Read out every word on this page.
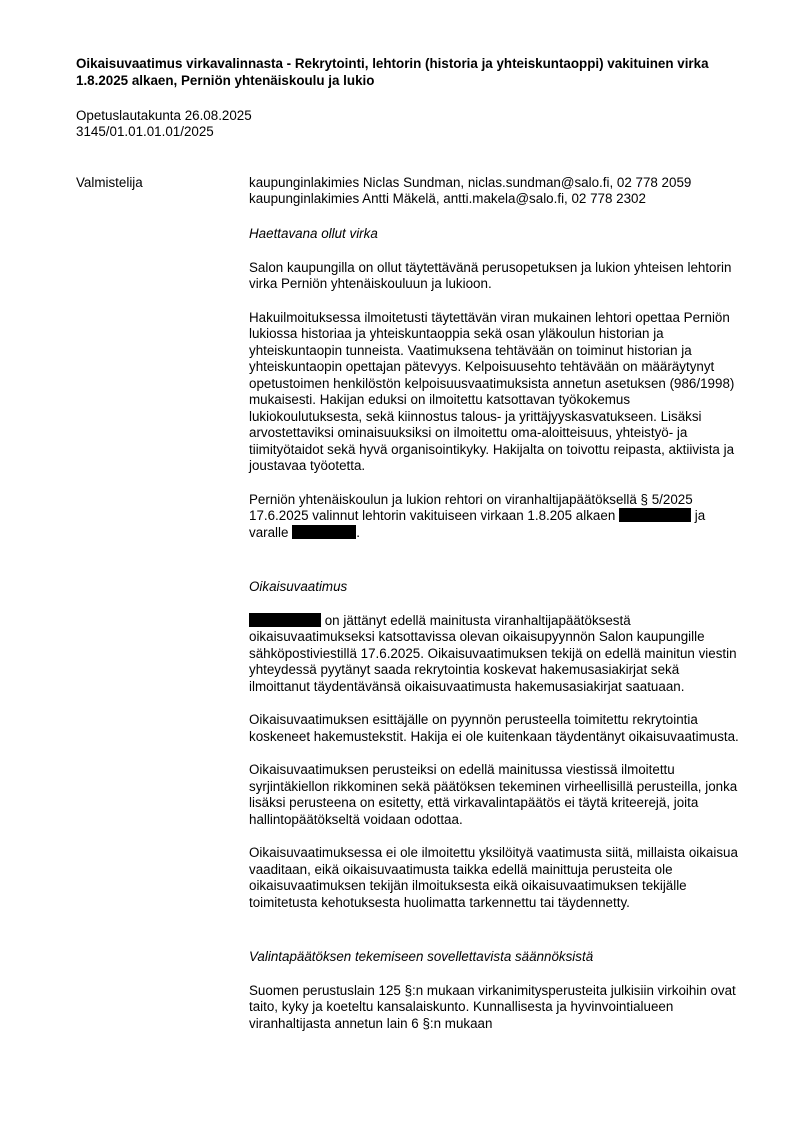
Oikaisuvaatimus virkavalinnasta - Rekrytointi, lehtorin (historia ja yhteiskuntaoppi) vakituinen virka 1.8.2025 alkaen, Perniön yhtenäiskoulu ja lukio
Opetuslautakunta 26.08.2025
3145/01.01.01.01/2025
Valmistelija	kaupunginlakimies Niclas Sundman, niclas.sundman@salo.fi, 02 778 2059
kaupunginlakimies Antti Mäkelä, antti.makela@salo.fi, 02 778 2302
Haettavana ollut virka

Salon kaupungilla on ollut täytettävänä perusopetuksen ja lukion yhteisen lehtorin virka Perniön yhtenäiskouluun ja lukioon.

Hakuilmoituksessa ilmoitetusti täytettävän viran mukainen lehtori opettaa Perniön lukiossa historiaa ja yhteiskuntaoppia sekä osan yläkoulun historian ja yhteiskuntaopin tunneista. Vaatimuksena tehtävään on toiminut historian ja yhteiskuntaopin opettajan pätevyys. Kelpoisuusehto tehtävään on määräytynyt opetustoimen henkilöstön kelpoisuusvaatimuksista annetun asetuksen (986/1998) mukaisesti. Hakijan eduksi on ilmoitettu katsottavan työkokemus lukiokoulutuksesta, sekä kiinnostus talous- ja yrittäjyyskasvatukseen. Lisäksi arvostettaviksi ominaisuuksiksi on ilmoitettu oma-aloitteisuus, yhteistyö- ja tiimityötaidot sekä hyvä organisointikyky. Hakijalta on toivottu reipasta, aktiivista ja joustavaa työotetta.

Perniön yhtenäiskoulun ja lukion rehtori on viranhaltijapäätöksellä § 5/2025 17.6.2025 valinnut lehtorin vakituiseen virkaan 1.8.205 alkaen	ja varalle	.

Oikaisuvaatimus

on jättänyt edellä mainitusta viranhaltijapäätöksestä oikaisuvaatimukseksi katsottavissa olevan oikaisupyynnön Salon kaupungille sähköpostiviestillä 17.6.2025. Oikaisuvaatimuksen tekijä on edellä mainitun viestin yhteydessä pyytänyt saada rekrytointia koskevat hakemusasiakirjat sekä ilmoittanut täydentävänsä oikaisuvaatimusta hakemusasiakirjat saatuaan.

Oikaisuvaatimuksen esittäjälle on pyynnön perusteella toimitettu rekrytointia koskeneet hakemustekstit. Hakija ei ole kuitenkaan täydentänyt oikaisuvaatimusta.

Oikaisuvaatimuksen perusteiksi on edellä mainitussa viestissä ilmoitettu syrjintäkiellon rikkominen sekä päätöksen tekeminen virheellisillä perusteilla, jonka lisäksi perusteena on esitetty, että virkavalintapäätös ei täytä kriteerejä, joita hallintopäätökseltä voidaan odottaa.

Oikaisuvaatimuksessa ei ole ilmoitettu yksilöityä vaatimusta siitä, millaista oikaisua vaaditaan, eikä oikaisuvaatimusta taikka edellä mainittuja perusteita ole oikaisuvaatimuksen tekijän ilmoituksesta eikä oikaisuvaatimuksen tekijälle toimitetusta kehotuksesta huolimatta tarkennettu tai täydennetty.

Valintapäätöksen tekemiseen sovellettavista säännöksistä

Suomen perustuslain 125 §:n mukaan virkanimitysperusteita julkisiin virkoihin ovat taito, kyky ja koeteltu kansalaiskunto. Kunnallisesta ja hyvinvointialueen viranhaltijasta annetun lain 6 §:n mukaan
